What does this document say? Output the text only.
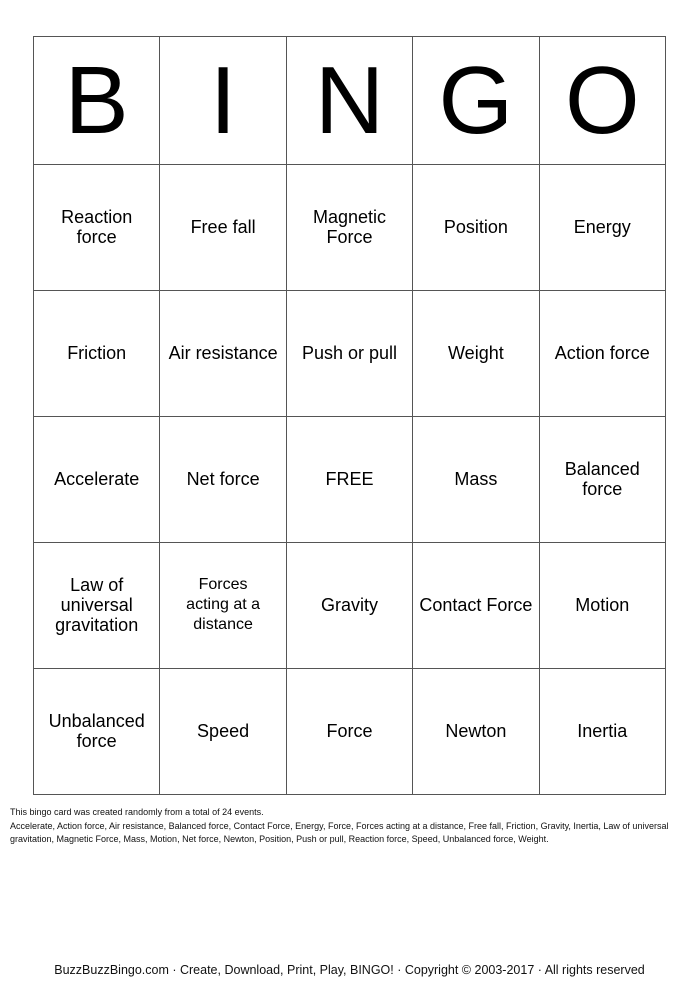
B	I	N	G	O
Reaction force	Free fall	Magnetic Force	Position	Energy
Friction	Air resistance	Push or pull	Weight	Action force
Accelerate	Net force	FREE	Mass	Balanced force
Law of universal gravitation	Forces acting at a distance	Gravity	Contact Force	Motion
Unbalanced force	Speed	Force	Newton	Inertia
This bingo card was created randomly from a total of 24 events.
Accelerate, Action force, Air resistance, Balanced force, Contact Force, Energy, Force, Forces acting at a distance, Free fall, Friction, Gravity, Inertia, Law of universal gravitation, Magnetic Force, Mass, Motion, Net force, Newton, Position, Push or pull, Reaction force, Speed, Unbalanced force, Weight.
BuzzBuzzBingo.com · Create, Download, Print, Play, BINGO! · Copyright © 2003-2017 · All rights reserved
